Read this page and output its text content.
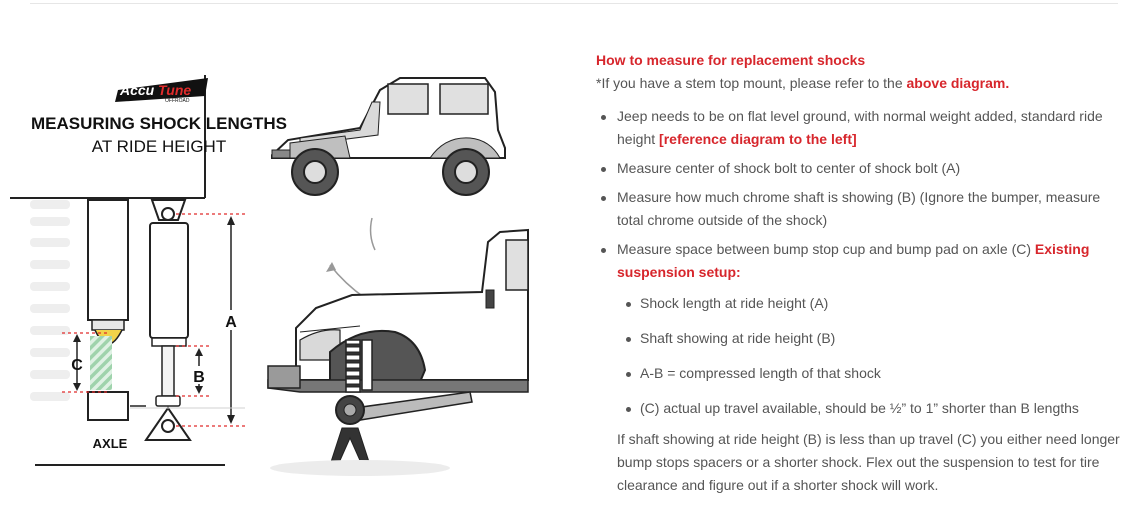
Accu Tune
OFFROAD
MEASURING SHOCK LENGTHS
AT RIDE HEIGHT
C
A
B
AXLE
How to measure for replacement shocks
*If you have a stem top mount, please refer to the above diagram.
Jeep needs to be on flat level ground, with normal weight added, standard ride height [reference diagram to the left]
Measure center of shock bolt to center of shock bolt (A)
Measure how much chrome shaft is showing (B) (Ignore the bumper, measure total chrome outside of the shock)
Measure space between bump stop cup and bump pad on axle (C) Existing suspension setup:
Shock length at ride height (A)
Shaft showing at ride height (B)
A-B = compressed length of that shock
(C) actual up travel available, should be ½” to 1” shorter than B lengths
If shaft showing at ride height (B) is less than up travel (C) you either need longer bump stops spacers or a shorter shock. Flex out the suspension to test for tire clearance and figure out if a shorter shock will work.
